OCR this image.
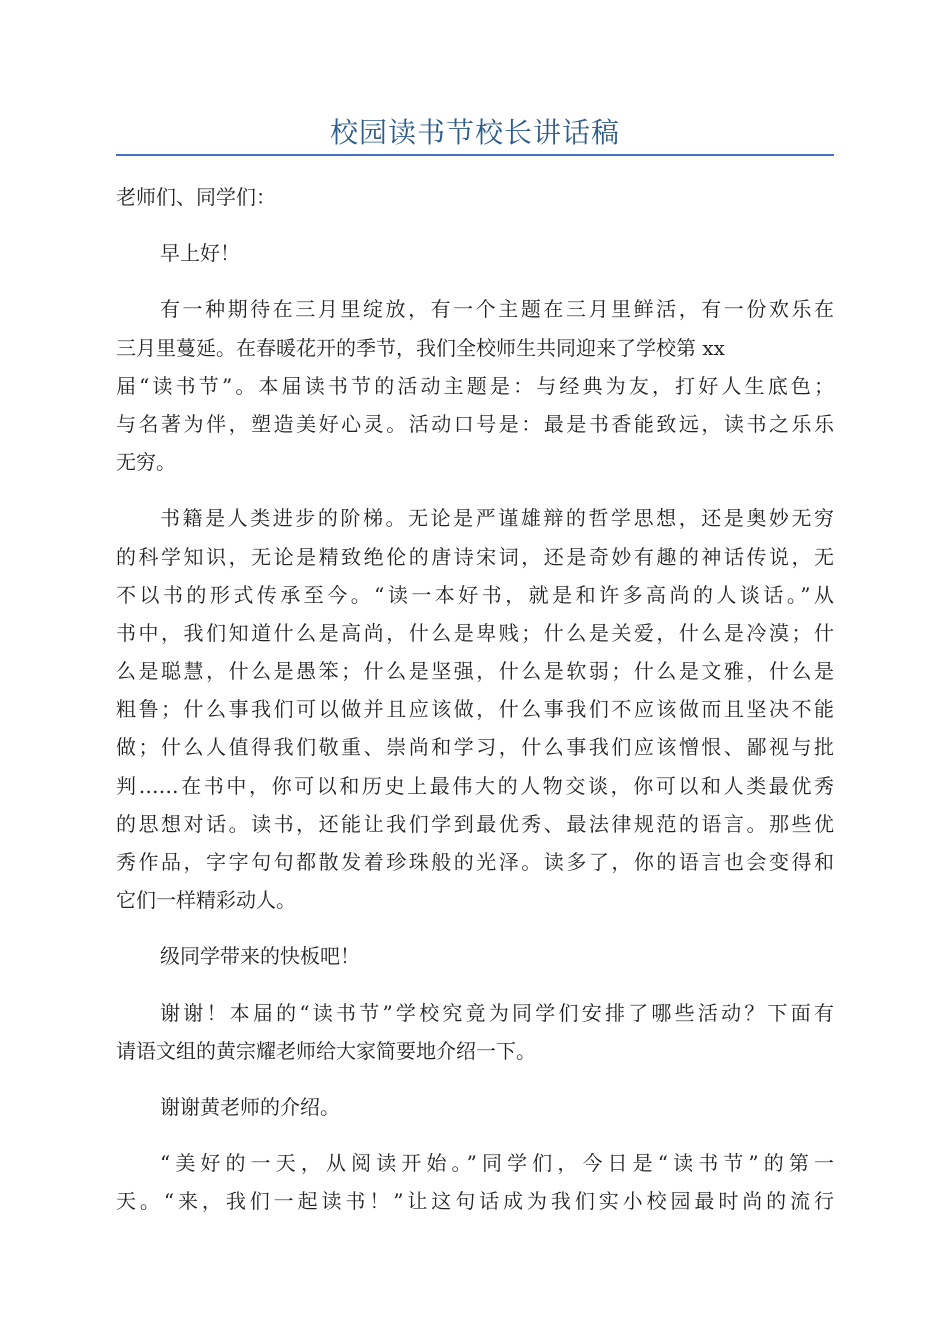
校园读书节校长讲话稿
老师们、同学们：
早上好！
有一种期待在三月里绽放，有一个主题在三月里鲜活，有一份欢乐在
三月里蔓延。在春暖花开的季节，我们全校师生共同迎来了学校第 xx
届“读书节”。本届读书节的活动主题是：与经典为友，打好人生底色；
与名著为伴，塑造美好心灵。活动口号是：最是书香能致远，读书之乐乐
无穷。
书籍是人类进步的阶梯。无论是严谨雄辩的哲学思想，还是奥妙无穷
的科学知识，无论是精致绝伦的唐诗宋词，还是奇妙有趣的神话传说，无
不以书的形式传承至今。“读一本好书，就是和许多高尚的人谈话。”从
书中，我们知道什么是高尚，什么是卑贱；什么是关爱，什么是冷漠；什
么是聪慧，什么是愚笨；什么是坚强，什么是软弱；什么是文雅，什么是
粗鲁；什么事我们可以做并且应该做，什么事我们不应该做而且坚决不能
做；什么人值得我们敬重、崇尚和学习，什么事我们应该憎恨、鄙视与批
判……在书中，你可以和历史上最伟大的人物交谈，你可以和人类最优秀
的思想对话。读书，还能让我们学到最优秀、最法律规范的语言。那些优
秀作品，字字句句都散发着珍珠般的光泽。读多了，你的语言也会变得和
它们一样精彩动人。
级同学带来的快板吧！
谢谢！本届的“读书节”学校究竟为同学们安排了哪些活动？下面有
请语文组的黄宗耀老师给大家简要地介绍一下。
谢谢黄老师的介绍。
“美好的一天，从阅读开始。”同学们，今日是“读书节”的第一
天。“来，我们一起读书！”让这句话成为我们实小校园最时尚的流行
